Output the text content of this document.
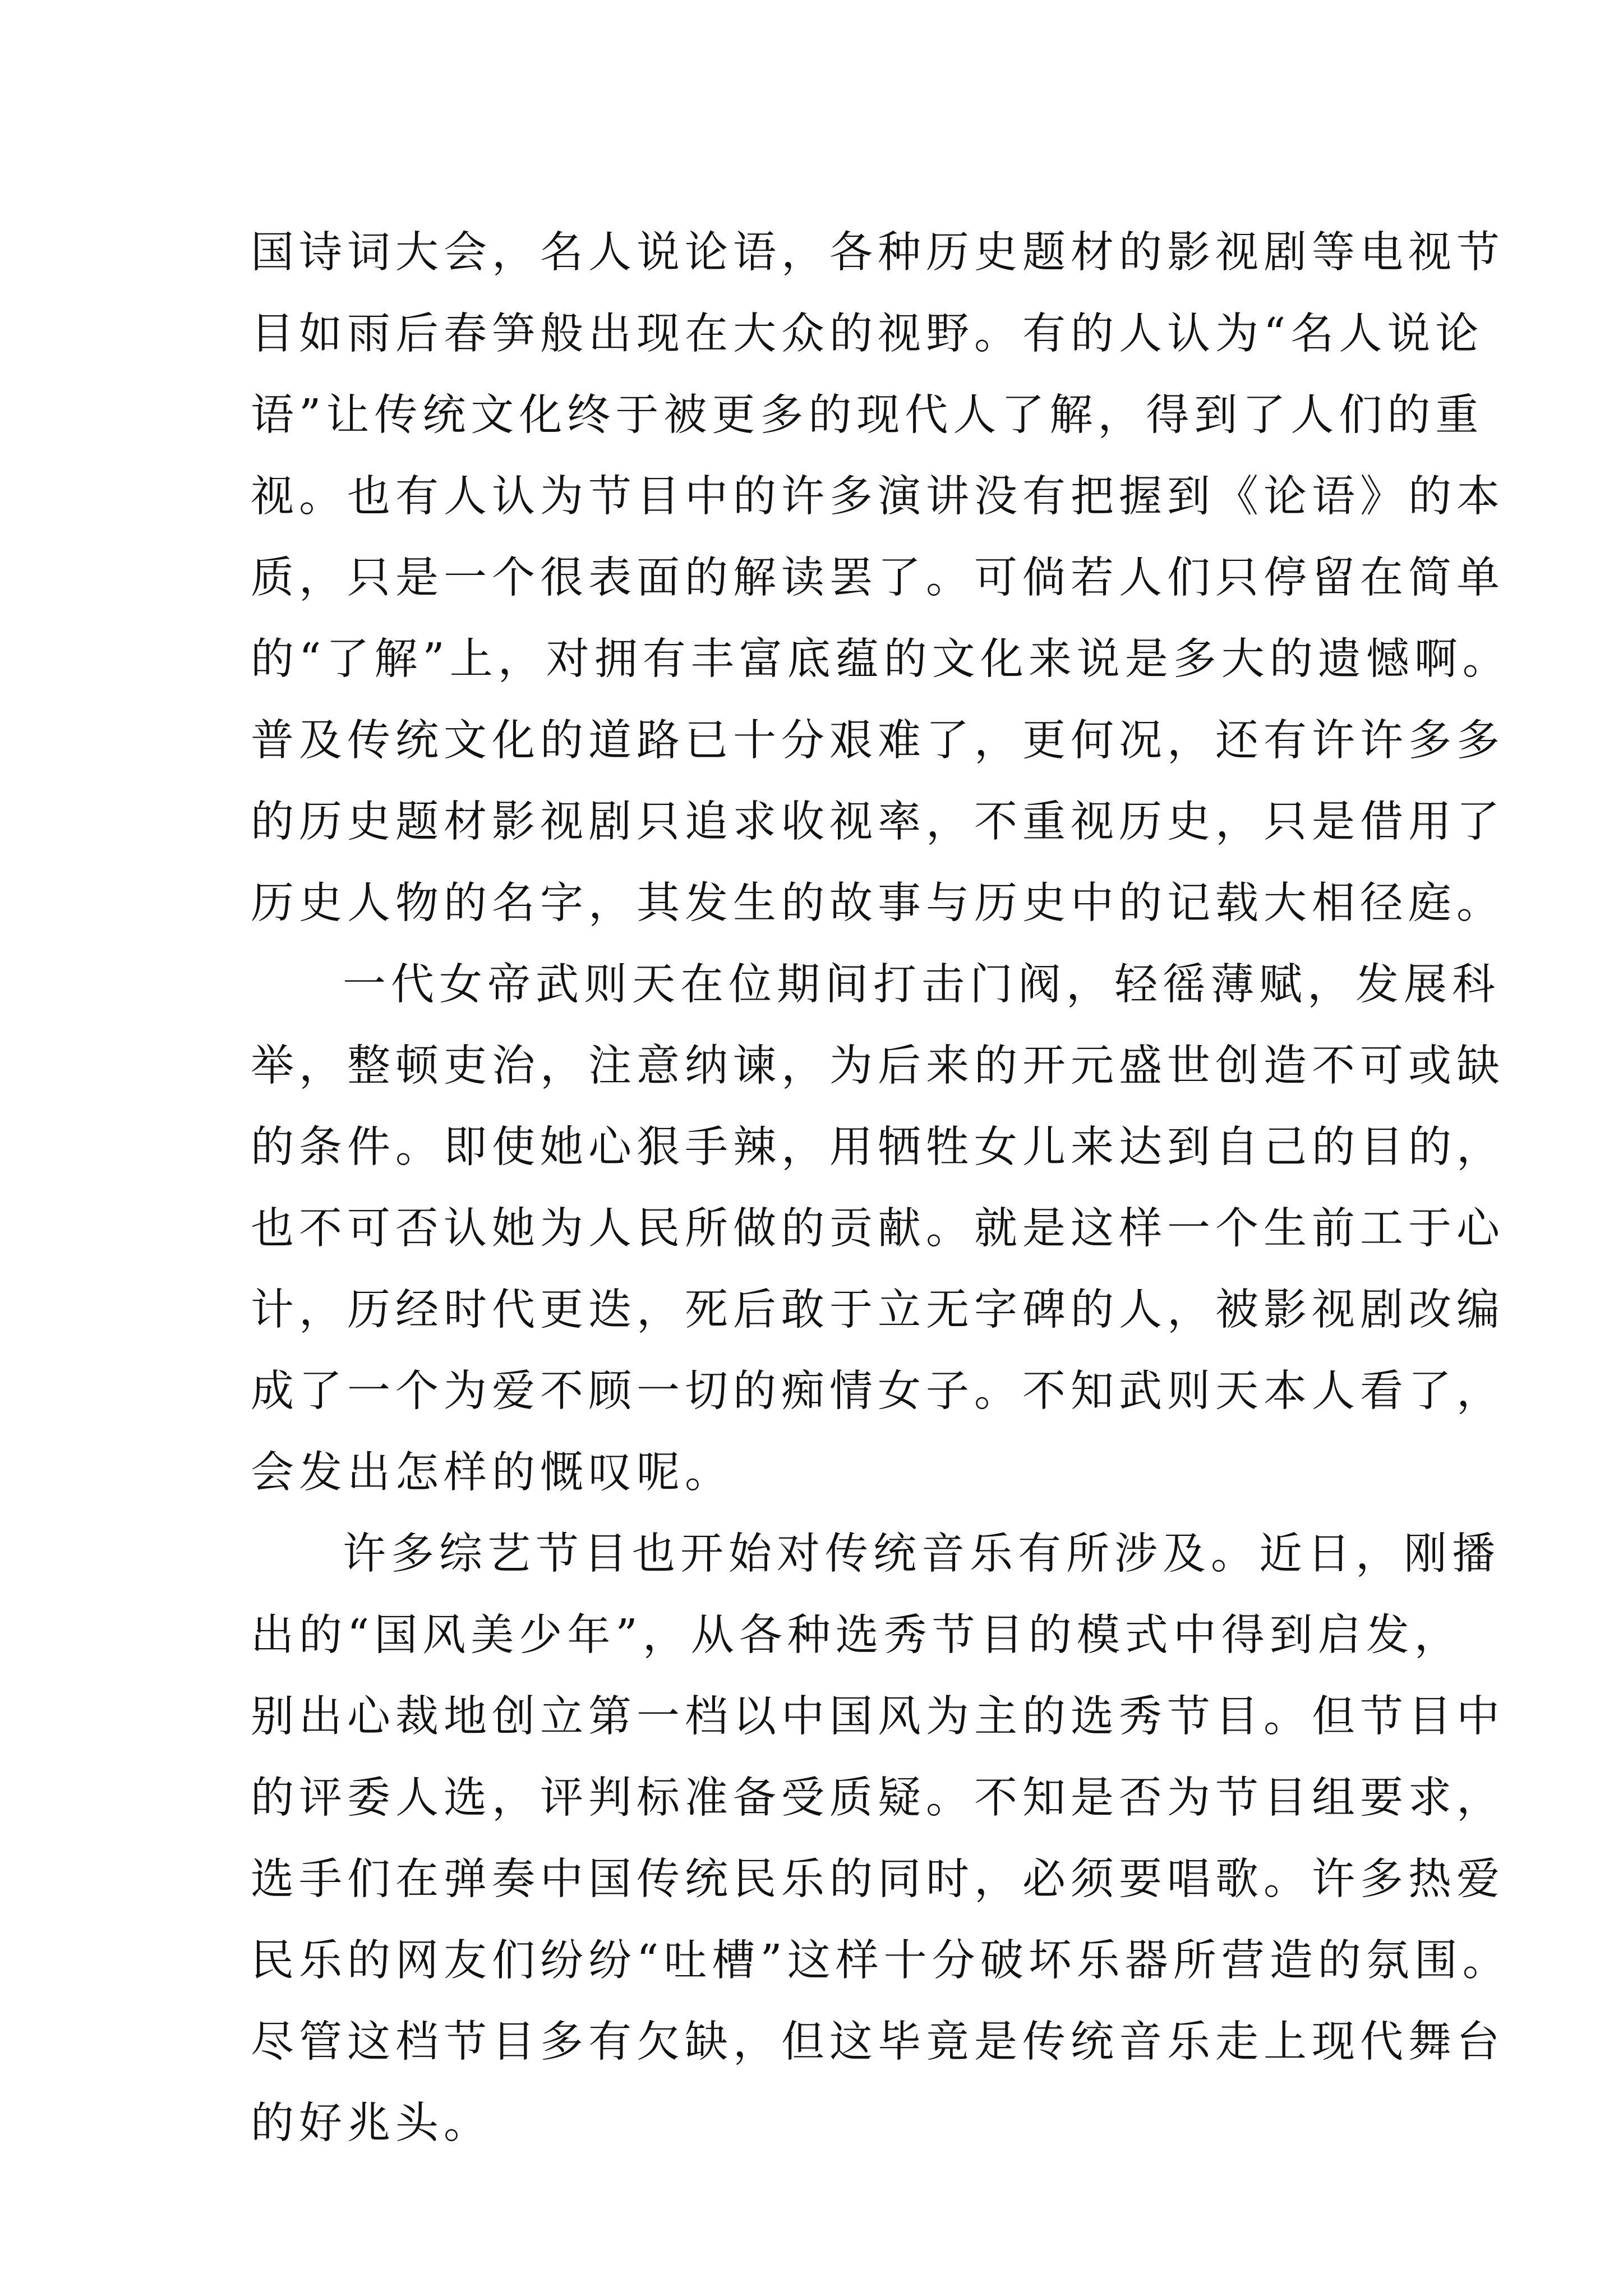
国诗词大会，名人说论语，各种历史题材的影视剧等电视节
目如雨后春笋般出现在大众的视野。有的人认为“名人说论
语”让传统文化终于被更多的现代人了解，得到了人们的重
视。也有人认为节目中的许多演讲没有把握到《论语》的本
质，只是一个很表面的解读罢了。可倘若人们只停留在简单
的“了解”上，对拥有丰富底蕴的文化来说是多大的遗憾啊。
普及传统文化的道路已十分艰难了，更何况，还有许许多多
的历史题材影视剧只追求收视率，不重视历史，只是借用了
历史人物的名字，其发生的故事与历史中的记载大相径庭。
一代女帝武则天在位期间打击门阀，轻徭薄赋，发展科
举，整顿吏治，注意纳谏，为后来的开元盛世创造不可或缺
的条件。即使她心狠手辣，用牺牲女儿来达到自己的目的，
也不可否认她为人民所做的贡献。就是这样一个生前工于心
计，历经时代更迭，死后敢于立无字碑的人，被影视剧改编
成了一个为爱不顾一切的痴情女子。不知武则天本人看了，
会发出怎样的慨叹呢。
许多综艺节目也开始对传统音乐有所涉及。近日，刚播
出的“国风美少年”，从各种选秀节目的模式中得到启发，
别出心裁地创立第一档以中国风为主的选秀节目。但节目中
的评委人选，评判标准备受质疑。不知是否为节目组要求，
选手们在弹奏中国传统民乐的同时，必须要唱歌。许多热爱
民乐的网友们纷纷“吐槽”这样十分破坏乐器所营造的氛围。
尽管这档节目多有欠缺，但这毕竟是传统音乐走上现代舞台
的好兆头。
